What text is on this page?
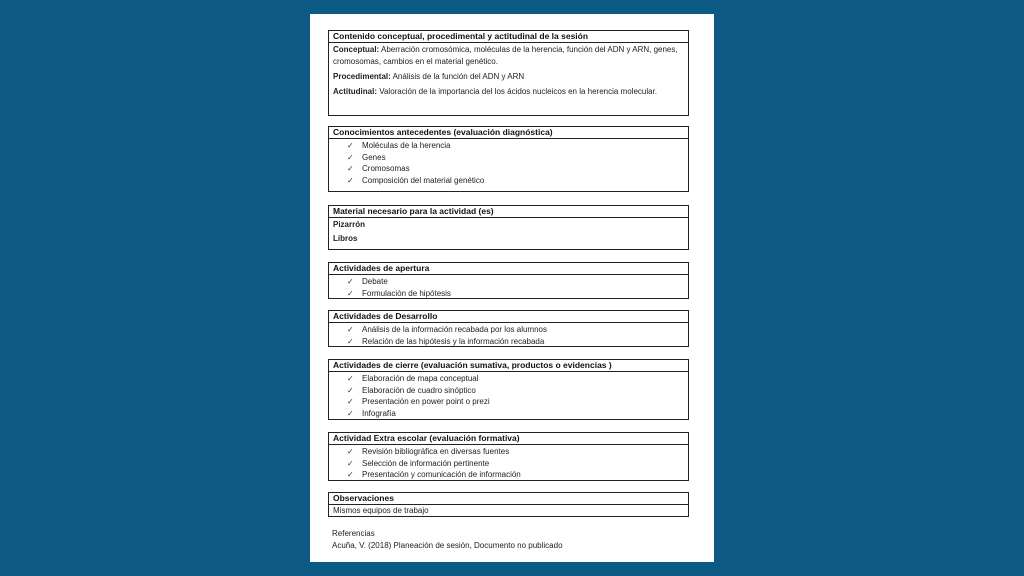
Contenido conceptual, procedimental y actitudinal de la sesión

Conceptual: Aberración cromosómica, moléculas de la herencia, función del ADN y ARN, genes, cromosomas, cambios en el material genético.

Procedimental: Análisis de la función del ADN y ARN

Actitudinal: Valoración de la importancia del los ácidos nucleicos en la herencia molecular.

Conocimientos antecedentes (evaluación diagnóstica)
✓ Moléculas de la herencia
✓ Genes
✓ Cromosomas
✓ Composición del material genético
Material necesario para la actividad (es)
Pizarrón
Libros
Actividades de apertura
✓ Debate
✓ Formulación de hipótesis
Actividades de Desarrollo
✓ Análisis de la información recabada por los alumnos
✓ Relación de las hipótesis y la información recabada
Actividades de cierre (evaluación sumativa, productos o evidencias )
✓ Elaboración de mapa conceptual
✓ Elaboración de cuadro sinóptico
✓ Presentación en power point o prezi
✓ Infografía
Actividad Extra escolar (evaluación formativa)
✓ Revisión bibliográfica en diversas fuentes
✓ Selección de información pertinente
✓ Presentación y comunicación de información
Observaciones
Mismos equipos de trabajo
Referencias
Acuña, V. (2018) Planeación de sesión, Documento no publicado
